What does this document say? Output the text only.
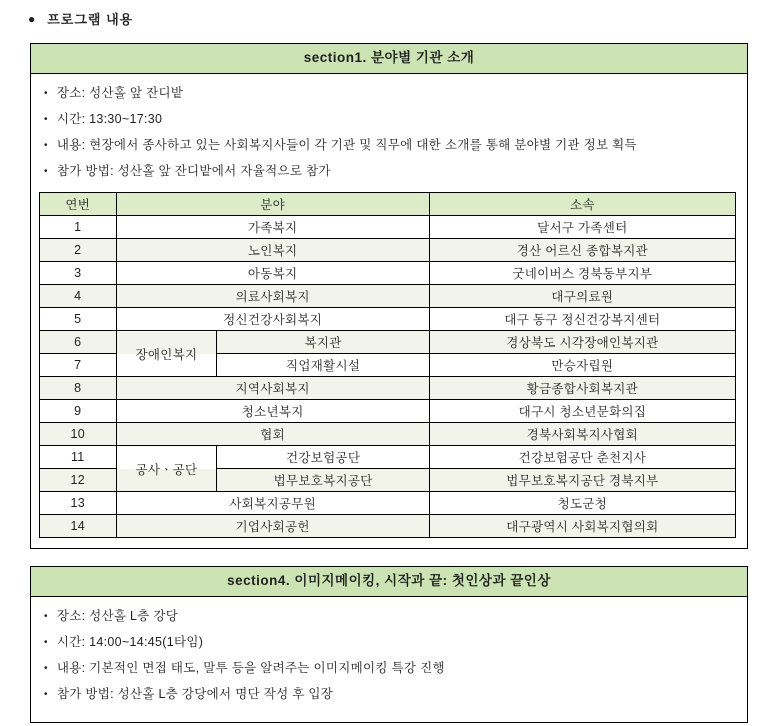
● 프로그램 내용
section1. 분야별 기관 소개
• 장소: 성산홀 앞 잔디밭
• 시간: 13:30~17:30
• 내용: 현장에서 종사하고 있는 사회복지사들이 각 기관 및 직무에 대한 소개를 통해 분야별 기관 정보 획득
• 참가 방법: 성산홀 앞 잔디밭에서 자율적으로 참가
연번	분야		소속
1	가족복지		달서구 가족센터
2	노인복지		경산 어르신 종합복지관
3	아동복지		굿네이버스 경북동부지부
4	의료사회복지		대구의료원
5	정신건강사회복지		대구 동구 정신건강복지센터
6	장애인복지	복지관	경상북도 시각장애인복지관
7		직업재활시설	만승자립원
8	지역사회복지		황금종합사회복지관
9	청소년복지		대구시 청소년문화의집
10	협회		경북사회복지사협회
11	공사ㆍ공단	건강보험공단	건강보험공단 춘천지사
12		법무보호복지공단	법무보호복지공단 경북지부
13	사회복지공무원		청도군청
14	기업사회공헌		대구광역시 사회복지협의회
section4. 이미지메이킹, 시작과 끝: 첫인상과 끝인상
• 장소: 성산홀 L층 강당
• 시간: 14:00~14:45(1타임)
• 내용: 기본적인 면접 태도, 말투 등을 알려주는 이미지메이킹 특강 진행
• 참가 방법: 성산홀 L층 강당에서 명단 작성 후 입장
